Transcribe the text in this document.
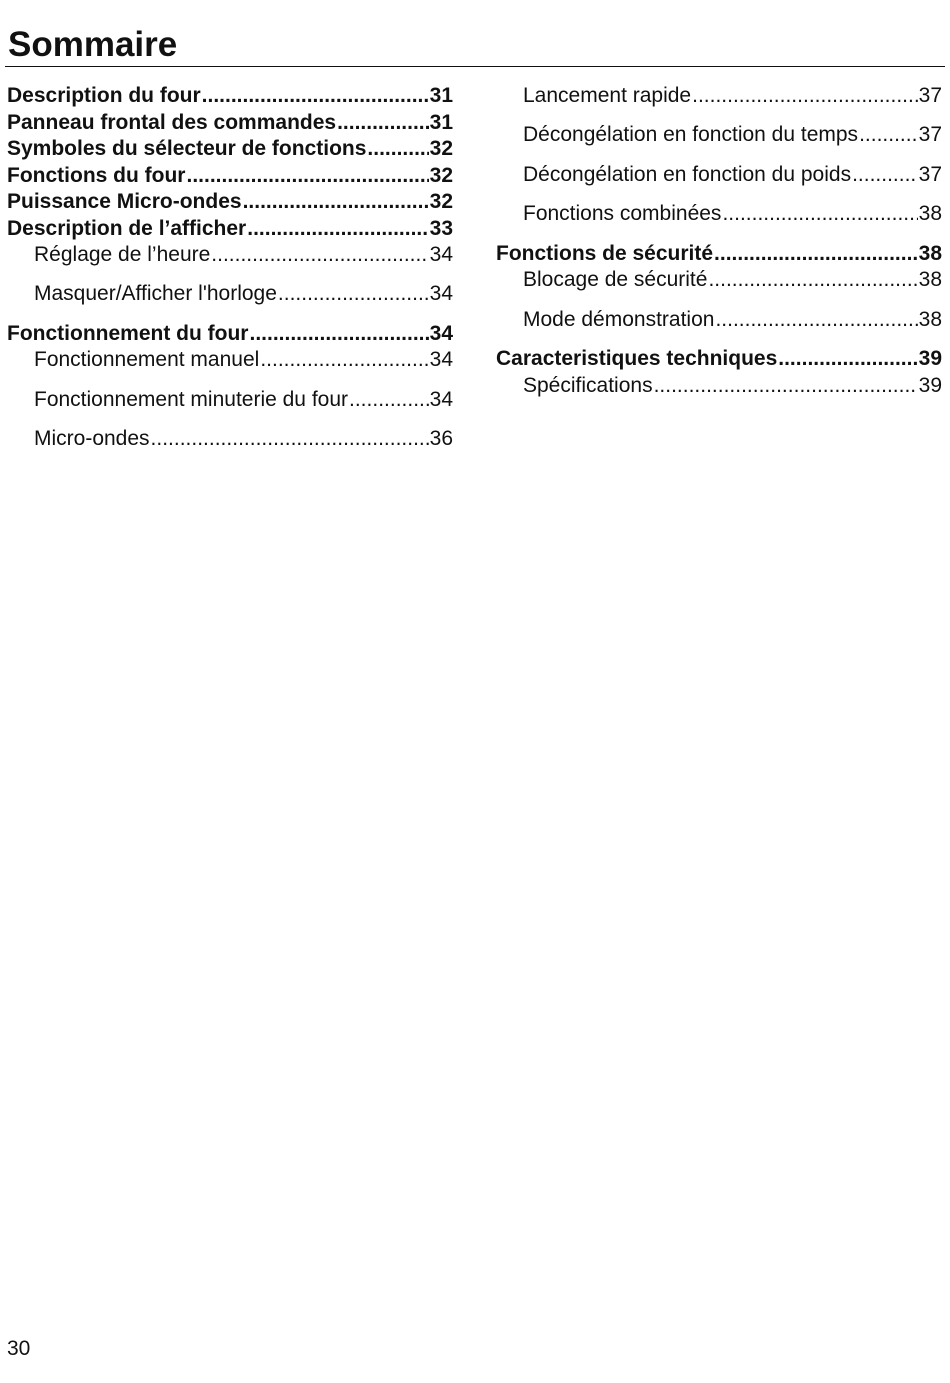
Sommaire
Description du four .....	31
Panneau frontal des commandes .....	31
Symboles du sélecteur de fonctions .....	32
Fonctions du four .....	32
Puissance Micro-ondes .....	32
Description de l’afficher .....	33
Réglage de l’heure .....	34
Masquer/Afficher l'horloge .....	34
Fonctionnement du four .....	34
Fonctionnement manuel .....	34
Fonctionnement minuterie du four .....	34
Micro-ondes .....	36
Lancement rapide .....	37
Décongélation en fonction du temps .....	37
Décongélation en fonction du poids .....	37
Fonctions combinées .....	38
Fonctions de sécurité .....	38
Blocage de sécurité .....	38
Mode démonstration .....	38
Caracteristiques techniques .....	39
Spécifications .....	39
30
